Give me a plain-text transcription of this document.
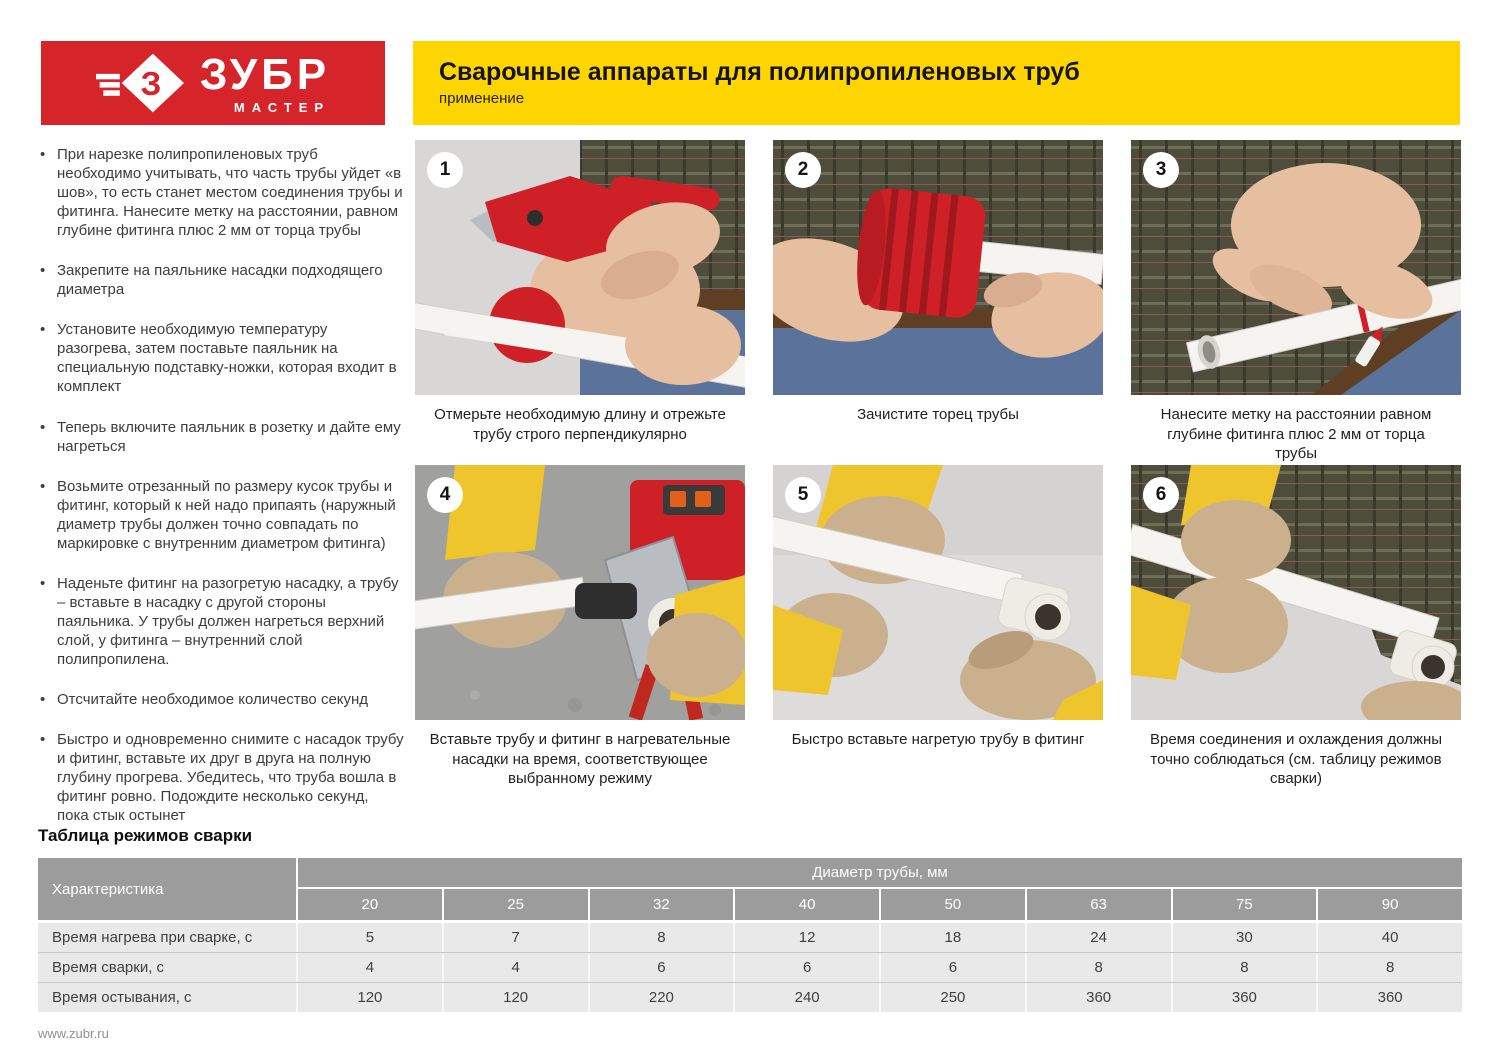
З ЗУБР
МАСТЕР
Сварочные аппараты для полипропиленовых труб
применение
• При нарезке полипропиленовых труб необходимо учитывать, что часть трубы уйдет «в шов», то есть станет местом соединения трубы и фитинга. Нанесите метку на расстоянии, равном глубине фитинга плюс 2 мм от торца трубы
• Закрепите на паяльнике насадки подходящего диаметра
• Установите необходимую температуру разогрева, затем поставьте паяльник на специальную подставку-ножки, которая входит в комплект
• Теперь включите паяльник в розетку и дайте ему нагреться
• Возьмите отрезанный по размеру кусок трубы и фитинг, который к ней надо припаять (наружный диаметр трубы должен точно совпадать по маркировке с внутренним диаметром фитинга)
• Наденьте фитинг на разогретую насадку, а трубу – вставьте в насадку с другой стороны паяльника. У трубы должен нагреться верхний слой, у фитинга – внутренний слой полипропилена.
• Отсчитайте необходимое количество секунд
• Быстро и одновременно снимите с насадок трубу и фитинг, вставьте их друг в друга на полную глубину прогрева. Убедитесь, что труба вошла в фитинг ровно. Подождите несколько секунд, пока стык остынет
1
Отмерьте необходимую длину и отрежьте трубу строго перпендикулярно
2
Зачистите торец трубы
3
Нанесите метку на расстоянии равном глубине фитинга плюс 2 мм от торца трубы
4
Вставьте трубу и фитинг в нагревательные насадки на время, соответствующее выбранному режиму
5
Быстро вставьте нагретую трубу в фитинг
6
Время соединения и охлаждения должны точно соблюдаться (см. таблицу режимов сварки)

Таблица режимов сварки

Характеристика
Диаметр трубы, мм
20	25	32	40	50	63	75	90
Время нагрева при сварке, с	5	7	8	12	18	24	30	40
Время сварки, с	4	4	6	6	6	8	8	8
Время остывания, с	120	120	220	240	250	360	360	360
www.zubr.ru
